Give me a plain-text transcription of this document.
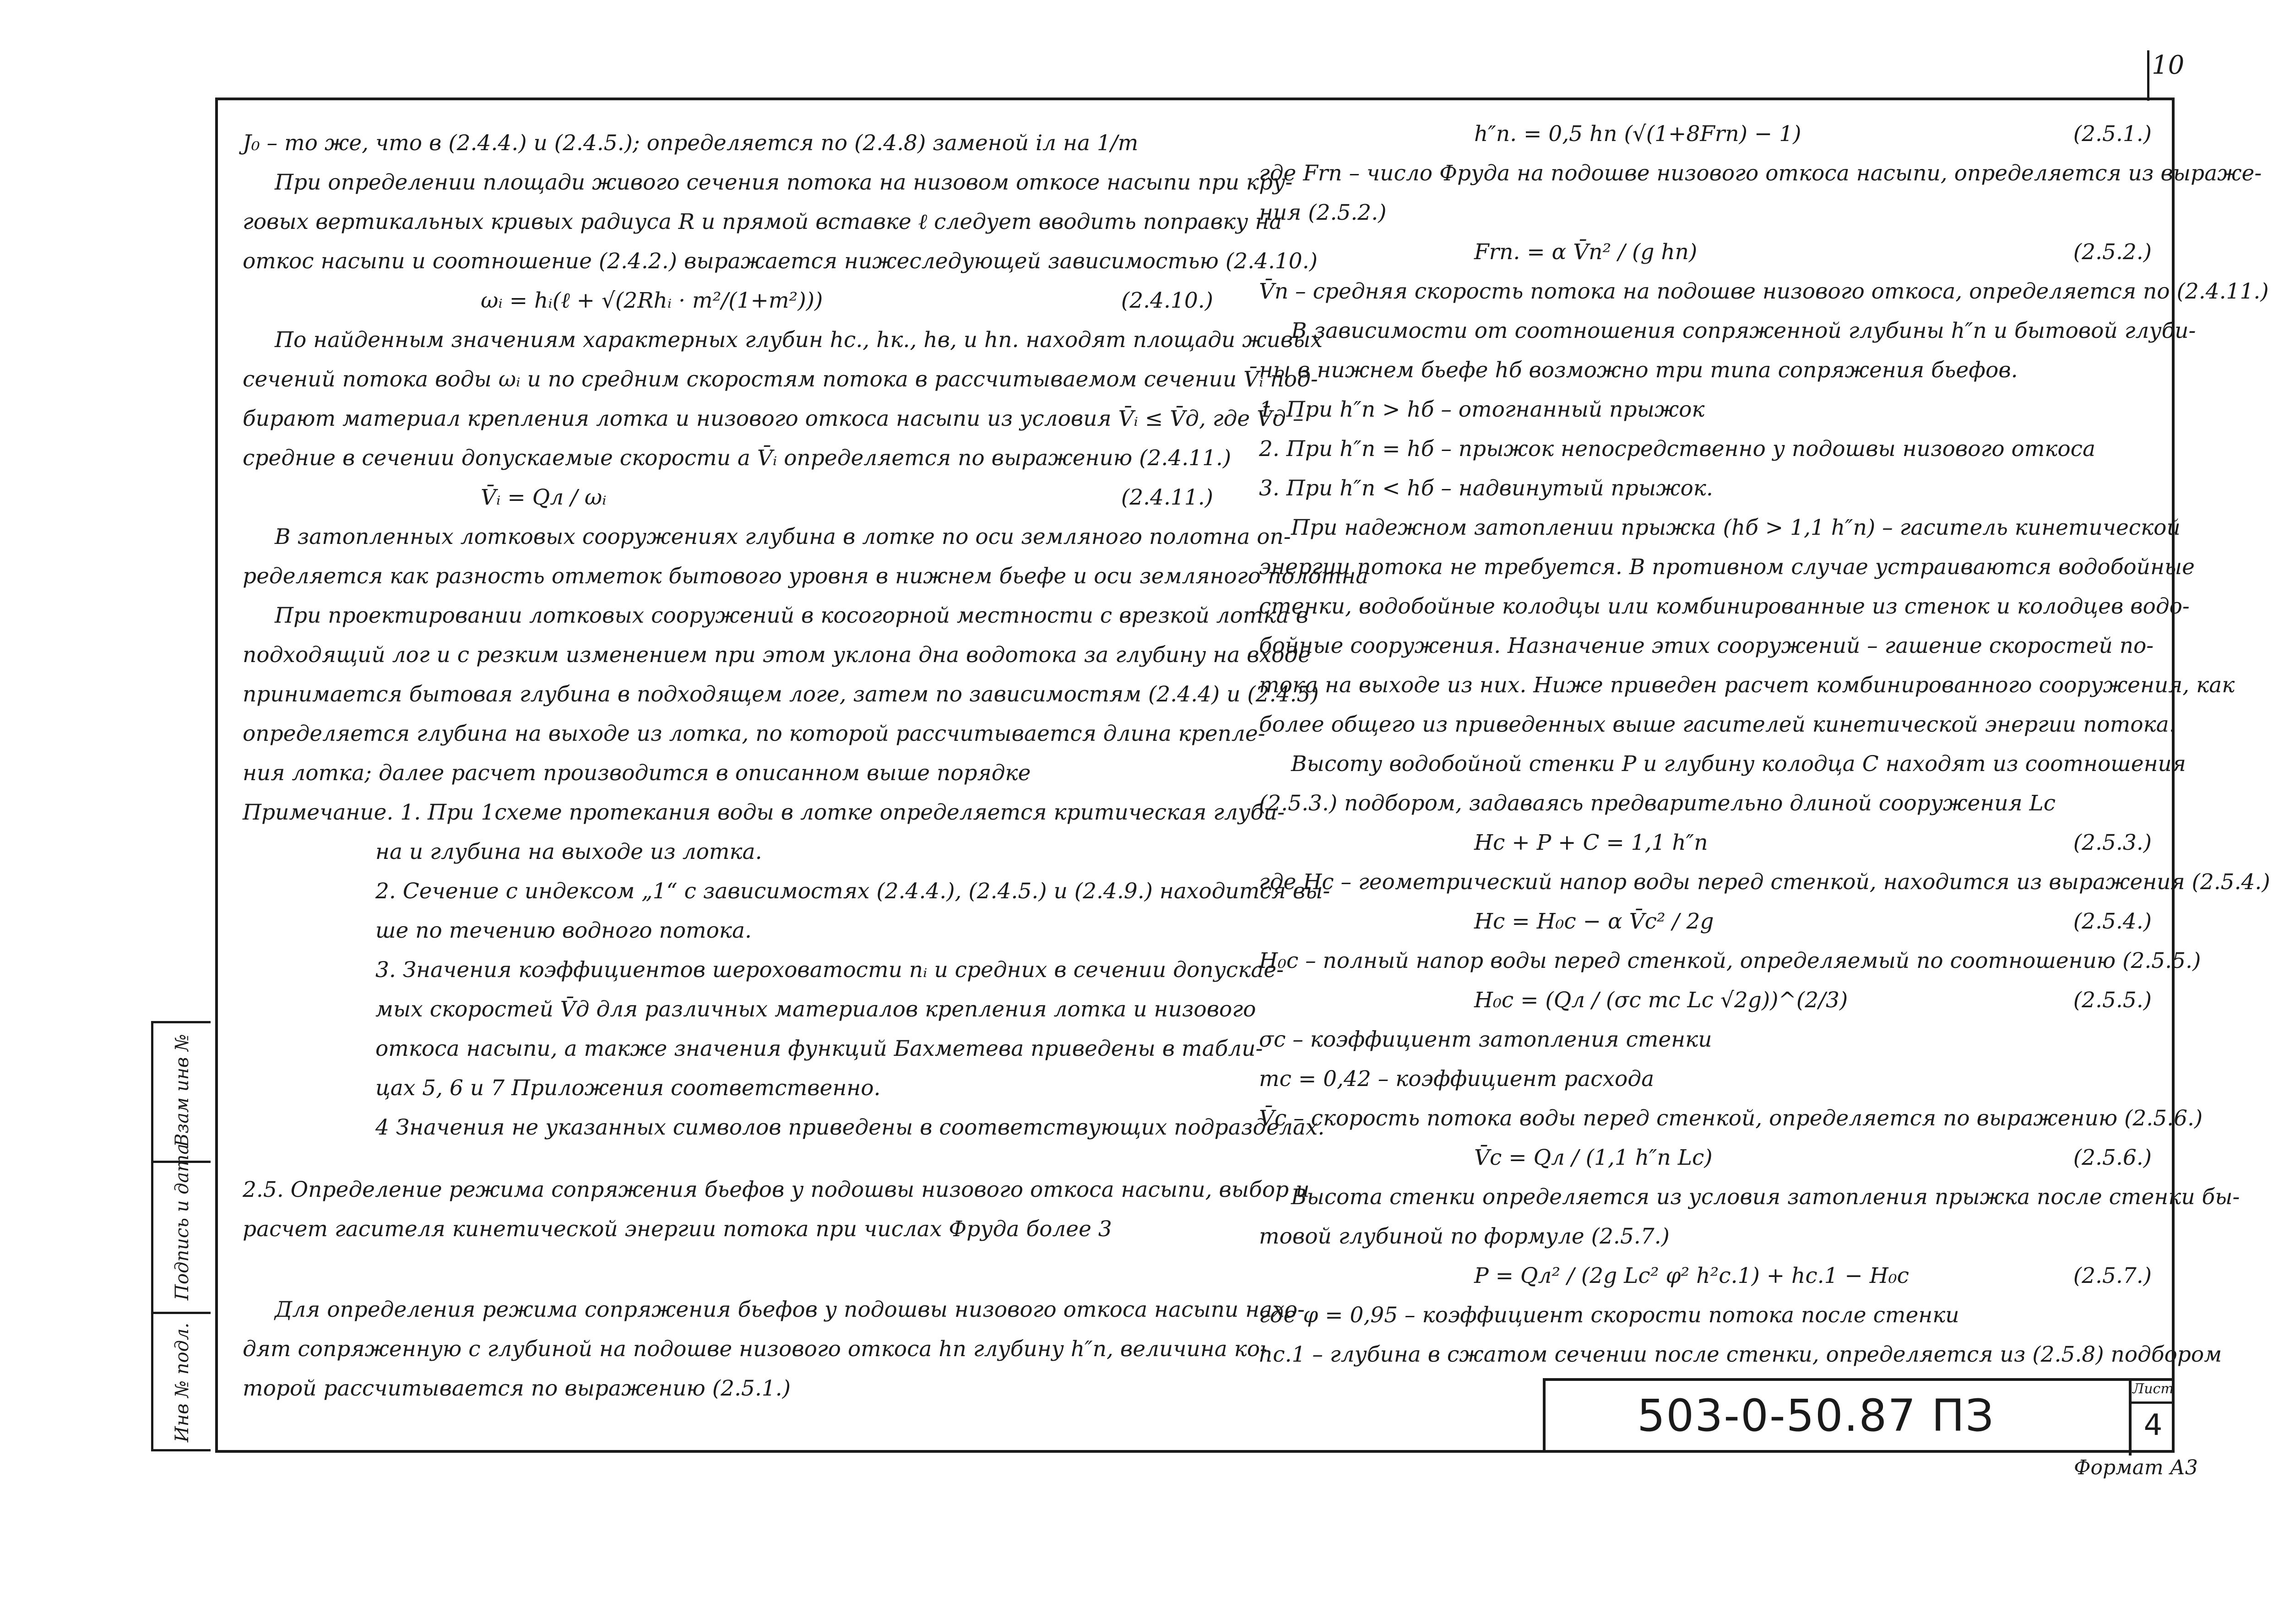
10

J₀ – то же, что в (2.4.4.) и (2.4.5.); определяется по (2.4.8) заменой iл на 1/m

При определении площади живого сечения потока на низовом откосе насыпи при кру-

говых вертикальных кривых радиуса R и прямой вставке ℓ следует вводить поправку на

откос насыпи и соотношение (2.4.2.) выражается нижеследующей зависимостью (2.4.10.)

ωᵢ = hᵢ(ℓ + √(2Rhᵢ · m²/(1+m²)))	(2.4.10.)

По найденным значениям характерных глубин hc., hк., hв, и hп. находят площади живых

сечений потока воды ωᵢ и по средним скоростям потока в рассчитываемом сечении V̄ᵢ под-

бирают материал крепления лотка и низового откоса насыпи из условия V̄ᵢ ≤ V̄д, где V̄д –

средние в сечении допускаемые скорости а V̄ᵢ определяется по выражению (2.4.11.)

V̄ᵢ = Qл / ωᵢ	(2.4.11.)

В затопленных лотковых сооружениях глубина в лотке по оси земляного полотна оп-

ределяется как разность отметок бытового уровня в нижнем бьефе и оси земляного полотна

При проектировании лотковых сооружений в косогорной местности с врезкой лотка в

подходящий лог и с резким изменением при этом уклона дна водотока за глубину на входе

принимается бытовая глубина в подходящем логе, затем по зависимостям (2.4.4) и (2.4.5)

определяется глубина на выходе из лотка, по которой рассчитывается длина крепле-

ния лотка; далее расчет производится в описанном выше порядке

Примечание. 1. При 1схеме протекания воды в лотке определяется критическая глуби-

на и глубина на выходе из лотка.

2. Сечение с индексом „1“ с зависимостях (2.4.4.), (2.4.5.) и (2.4.9.) находится вы-

ше по течению водного потока.

3. Значения коэффициентов шероховатости nᵢ и средних в сечении допускае-

мых скоростей V̄д для различных материалов крепления лотка и низового

откоса насыпи, а также значения функций Бахметева приведены в табли-

цах 5, 6 и 7 Приложения соответственно.

4 Значения не указанных символов приведены в соответствующих подразделах.

2.5. Определение режима сопряжения бьефов у подошвы низового откоса насыпи, выбор и

расчет гасителя кинетической энергии потока при числах Фруда более 3

Для определения режима сопряжения бьефов у подошвы низового откоса насыпи нахо-

дят сопряженную с глубиной на подошве низового откоса hп глубину h″п, величина ко-

торой рассчитывается по выражению (2.5.1.)

h″п. = 0,5 hп (√(1+8Frп) − 1)	(2.5.1.)

где Frп – число Фруда на подошве низового откоса насыпи, определяется из выраже-

ния (2.5.2.)

Frп. = α V̄п² / (g hп)	(2.5.2.)

V̄п – средняя скорость потока на подошве низового откоса, определяется по (2.4.11.)

В зависимости от соотношения сопряженной глубины h″п и бытовой глуби-

ны в нижнем бьефе hб возможно три типа сопряжения бьефов.

1. При h″п > hб – отогнанный прыжок

2. При h″п = hб – прыжок непосредственно у подошвы низового откоса

3. При h″п < hб – надвинутый прыжок.

При надежном затоплении прыжка (hб > 1,1 h″п) – гаситель кинетической

энергии потока не требуется. В противном случае устраиваются водобойные

стенки, водобойные колодцы или комбинированные из стенок и колодцев водо-

бойные сооружения. Назначение этих сооружений – гашение скоростей по-

тока на выходе из них. Ниже приведен расчет комбинированного сооружения, как

более общего из приведенных выше гасителей кинетической энергии потока.

Высоту водобойной стенки P и глубину колодца C находят из соотношения

(2.5.3.) подбором, задаваясь предварительно длиной сооружения Lс

Hс + P + C = 1,1 h″п	(2.5.3.)

где Hс – геометрический напор воды перед стенкой, находится из выражения (2.5.4.)

Hс = H₀с − α V̄с² / 2g	(2.5.4.)

H₀с – полный напор воды перед стенкой, определяемый по соотношению (2.5.5.)

H₀с = (Qл / (σс mс Lс √2g))^(2/3)	(2.5.5.)

σс – коэффициент затопления стенки

mс = 0,42 – коэффициент расхода

V̄с – скорость потока воды перед стенкой, определяется по выражению (2.5.6.)

V̄с = Qл / (1,1 h″п Lс)	(2.5.6.)

Высота стенки определяется из условия затопления прыжка после стенки бы-

товой глубиной по формуле (2.5.7.)

P = Qл² / (2g Lс² φ² h²с.1) + hс.1 − H₀с	(2.5.7.)

где φ = 0,95 – коэффициент скорости потока после стенки

hс.1 – глубина в сжатом сечении после стенки, определяется из (2.5.8) подбором

Взам инв №
Подпись и дата
Инв № подл.	503-0-50.87 ПЗ
Лист
4
Формат А3
